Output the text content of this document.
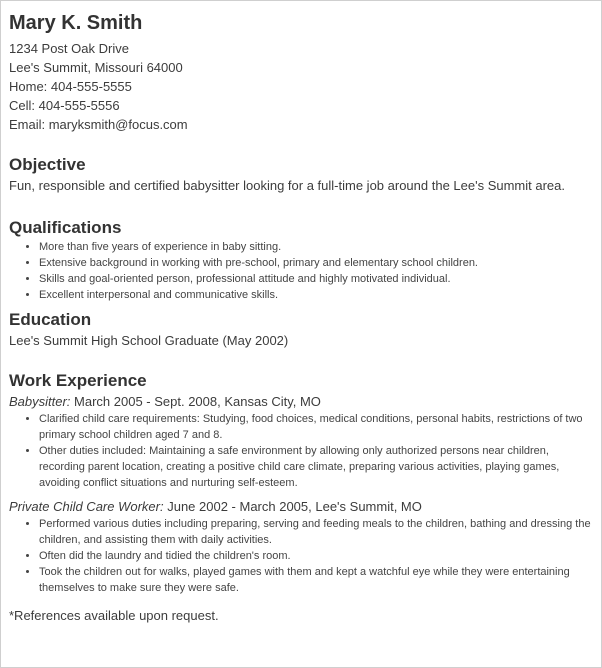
Mary K. Smith
1234 Post Oak Drive
Lee's Summit, Missouri 64000
Home: 404-555-5555
Cell: 404-555-5556
Email: maryksmith@focus.com
Objective
Fun, responsible and certified babysitter looking for a full-time job around the Lee's Summit area.
Qualifications
• More than five years of experience in baby sitting.
• Extensive background in working with pre-school, primary and elementary school children.
• Skills and goal-oriented person, professional attitude and highly motivated individual.
• Excellent interpersonal and communicative skills.
Education
Lee's Summit High School Graduate (May 2002)
Work Experience
Babysitter: March 2005 - Sept. 2008, Kansas City, MO
• Clarified child care requirements: Studying, food choices, medical conditions, personal habits, restrictions of two primary school children aged 7 and 8.
• Other duties included: Maintaining a safe environment by allowing only authorized persons near children, recording parent location, creating a positive child care climate, preparing various activities, playing games, avoiding conflict situations and nurturing self-esteem.
Private Child Care Worker: June 2002 - March 2005, Lee's Summit, MO
• Performed various duties including preparing, serving and feeding meals to the children, bathing and dressing the children, and assisting them with daily activities.
• Often did the laundry and tidied the children's room.
• Took the children out for walks, played games with them and kept a watchful eye while they were entertaining themselves to make sure they were safe.
*References available upon request.
